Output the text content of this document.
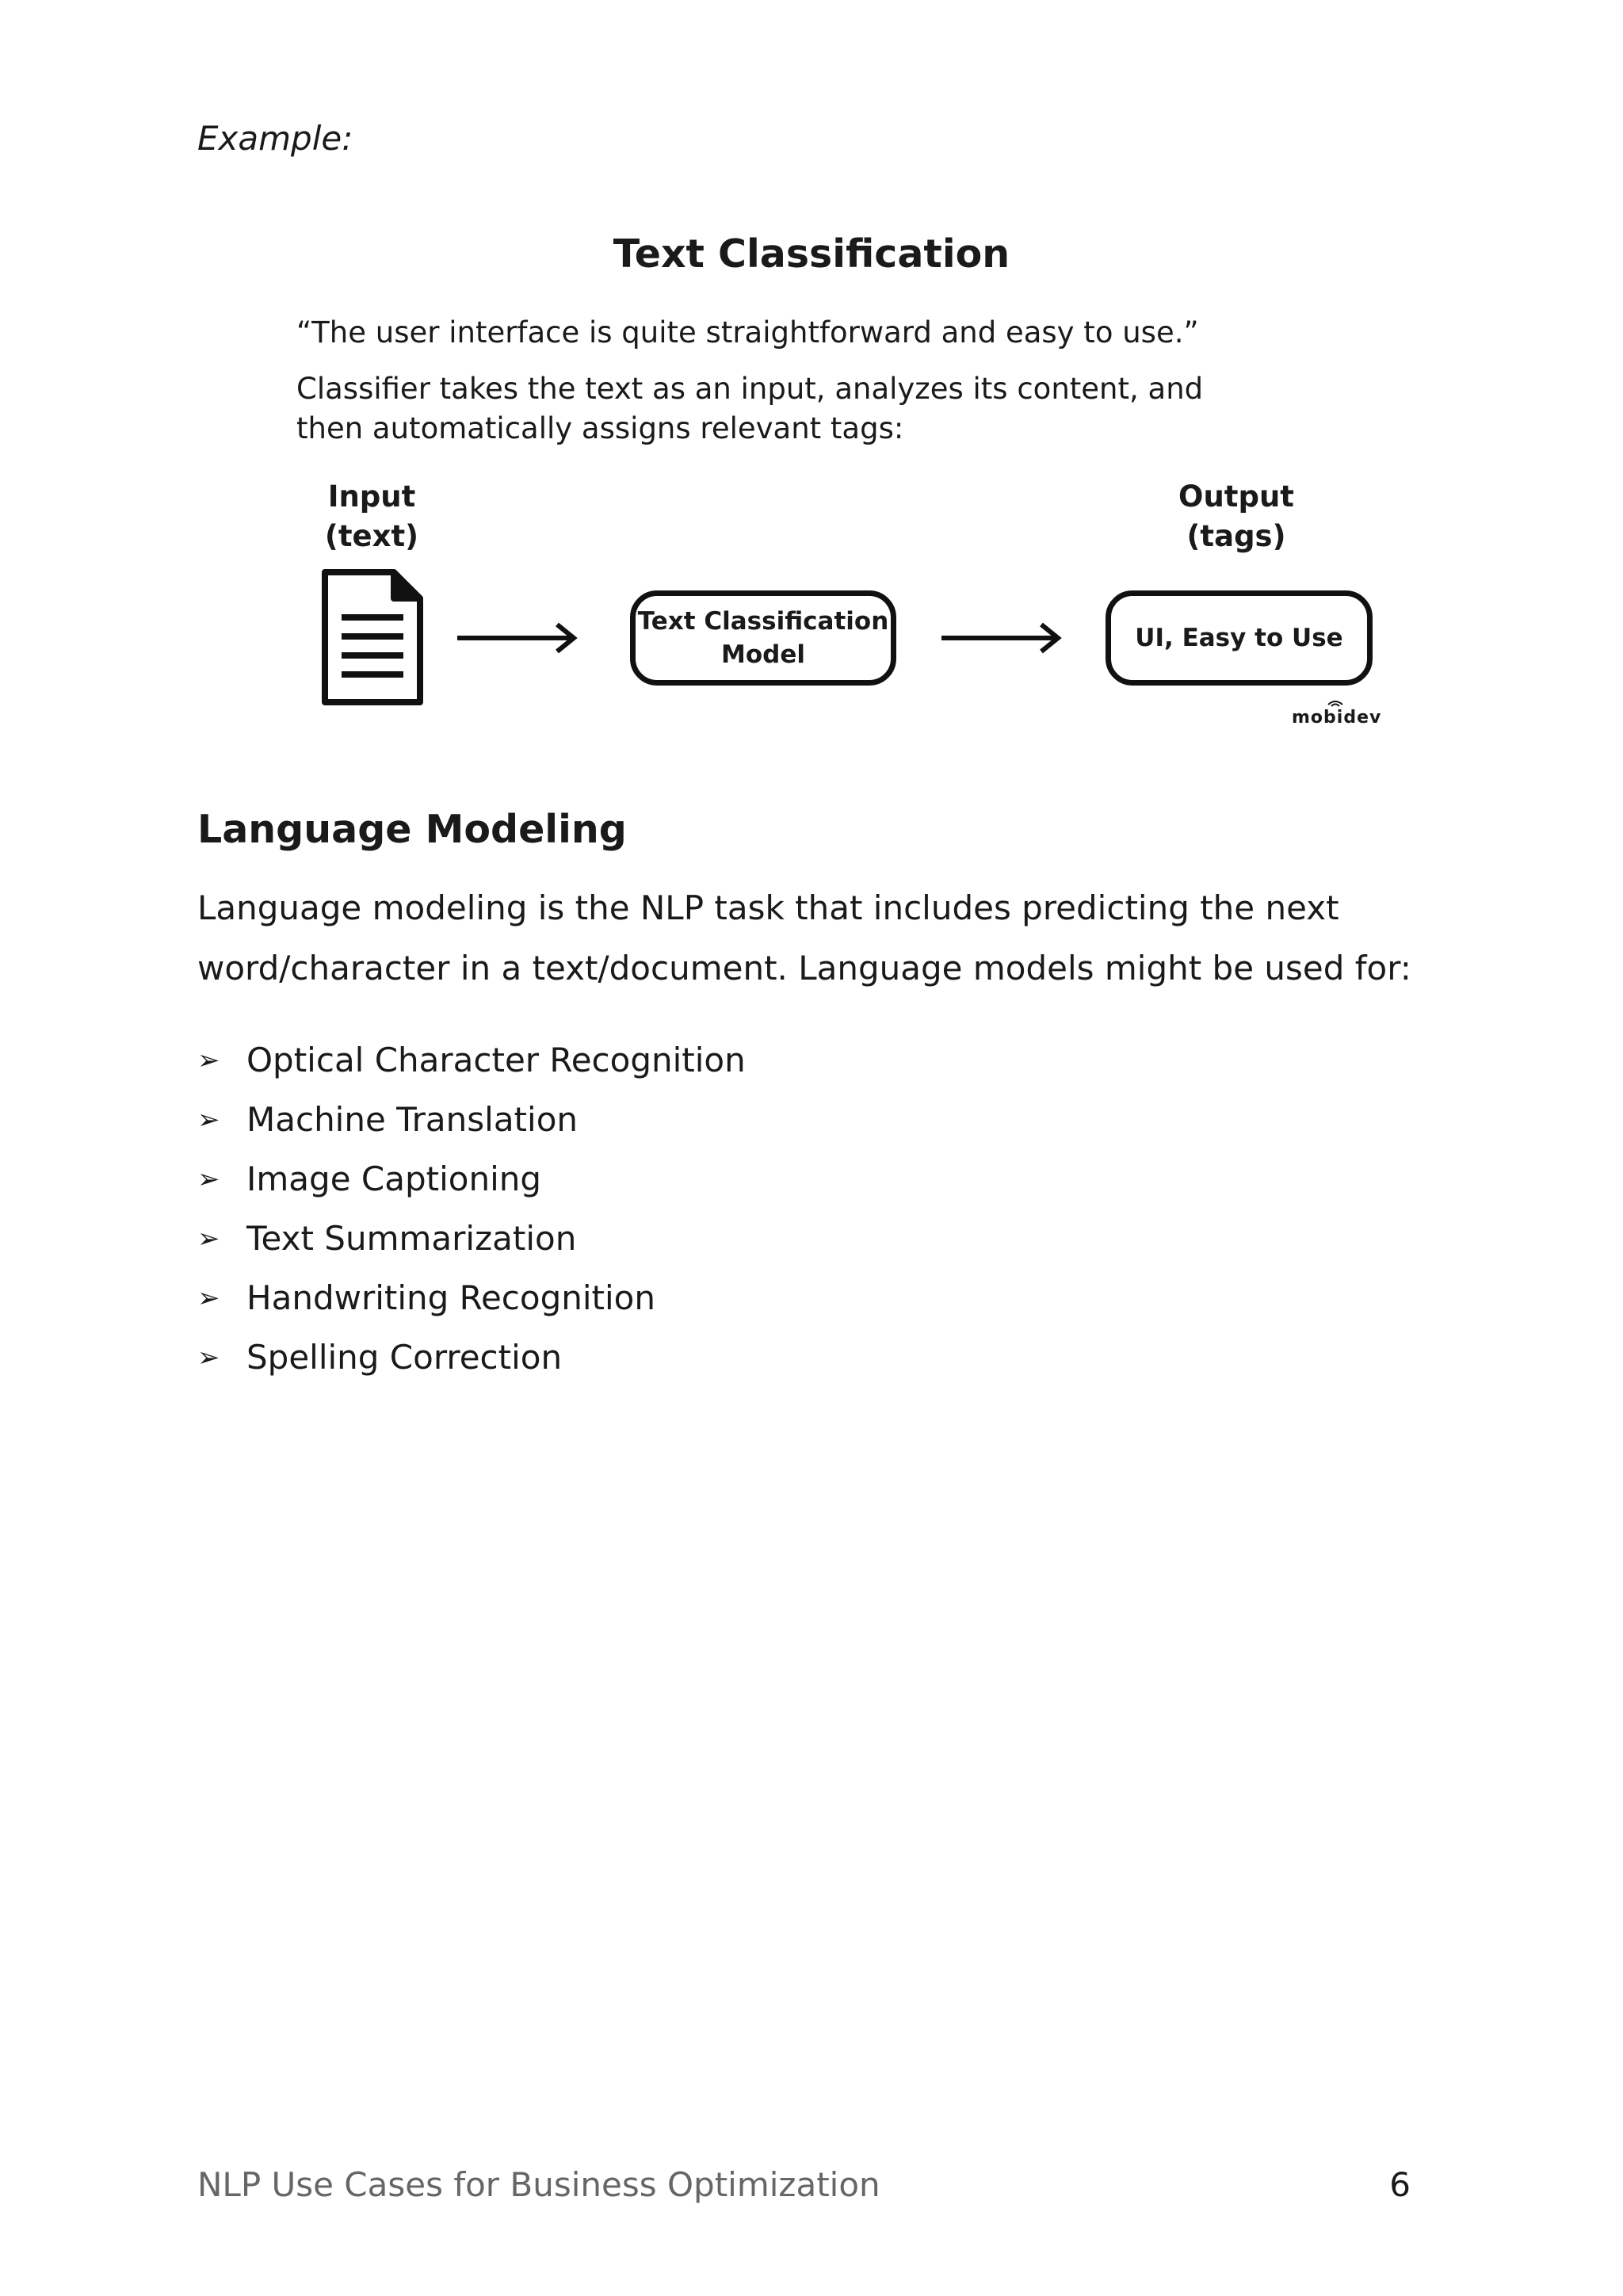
Example:
Text Classification
“The user interface is quite straightforward and easy to use.”
Classifier takes the text as an input, analyzes its content, and then automatically assigns relevant tags:
Input
(text)
Output
(tags)
Text Classification
Model
UI, Easy to Use
mobidev
Language Modeling
Language modeling is the NLP task that includes predicting the next word/character in a text/document. Language models might be used for:
➢ Optical Character Recognition
➢ Machine Translation
➢ Image Captioning
➢ Text Summarization
➢ Handwriting Recognition
➢ Spelling Correction
NLP Use Cases for Business Optimization	6
